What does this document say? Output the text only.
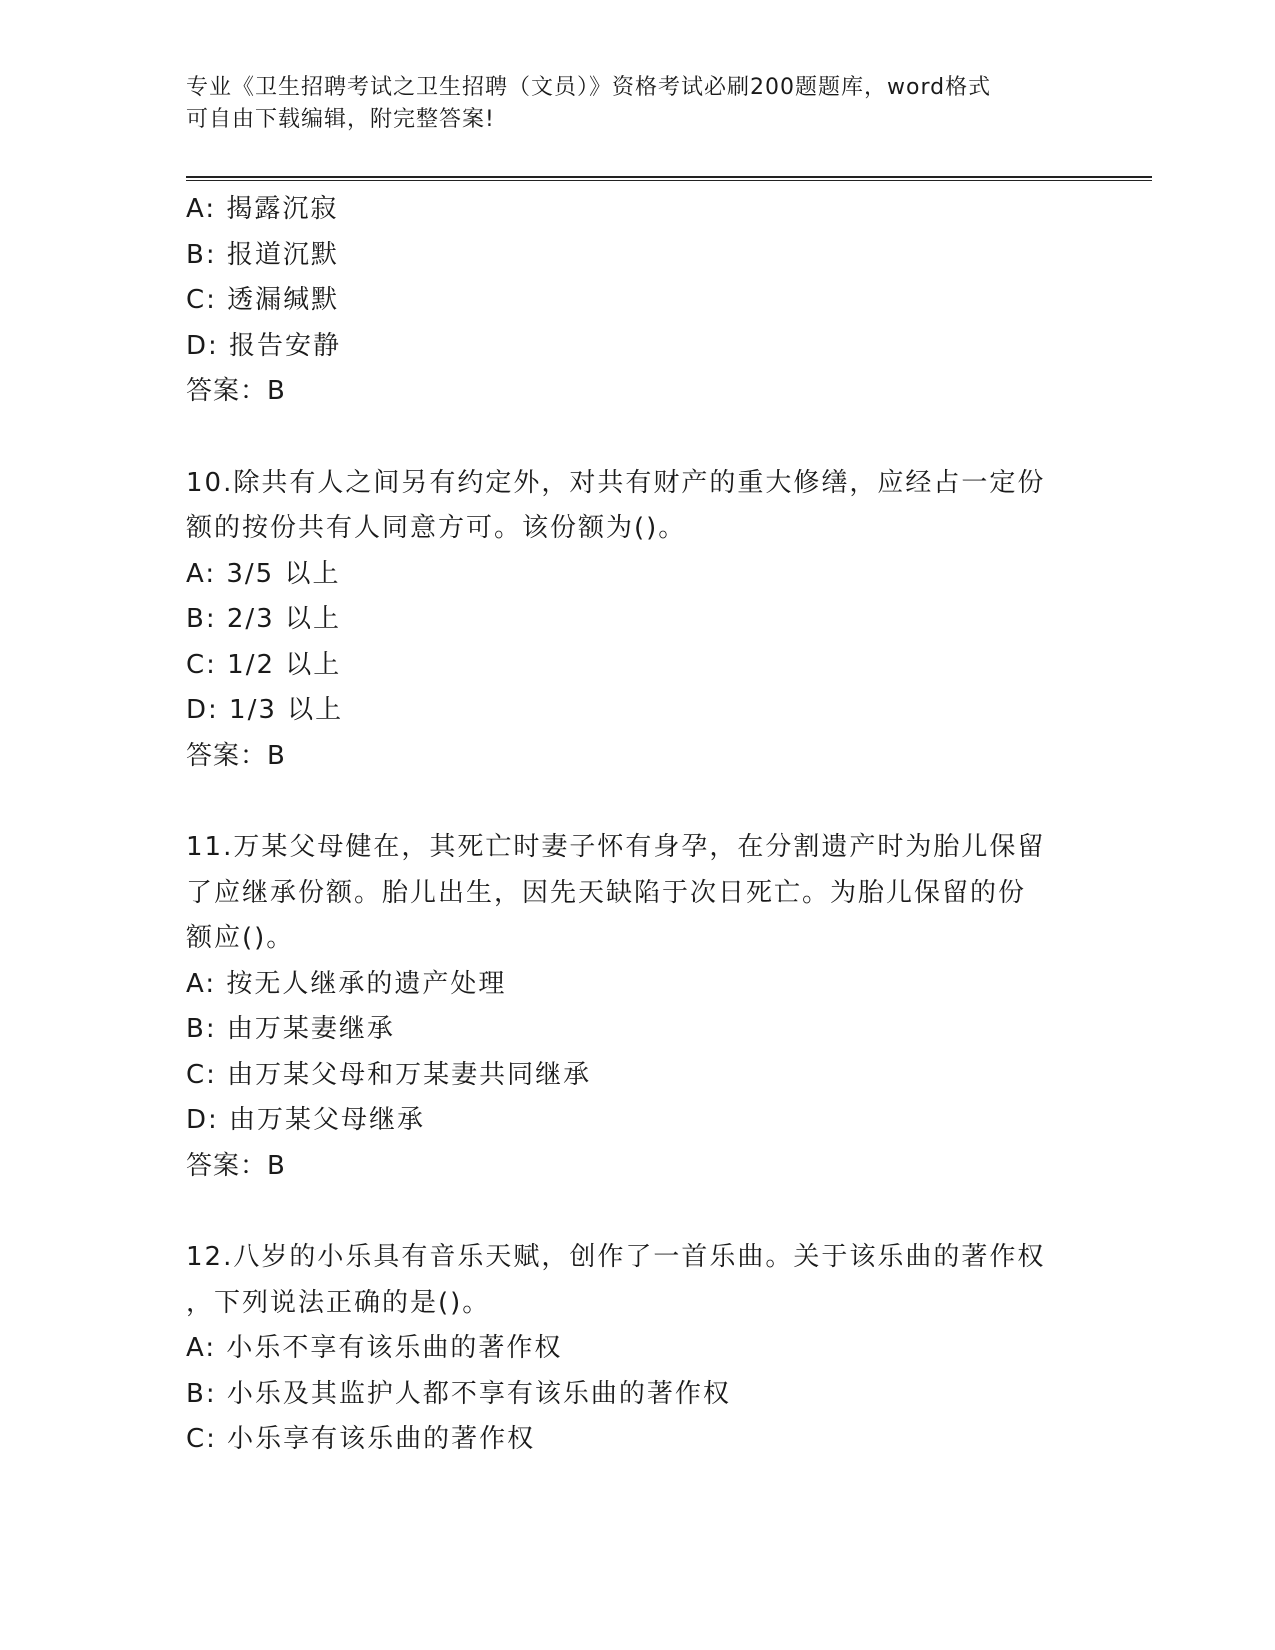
专业《卫生招聘考试之卫生招聘（文员）》资格考试必刷200题题库，word格式
可自由下载编辑，附完整答案!
A: 揭露沉寂
B: 报道沉默
C: 透漏缄默
D: 报告安静
答案：B
10.除共有人之间另有约定外，对共有财产的重大修缮，应经占一定份
额的按份共有人同意方可。该份额为()。
A: 3/5 以上
B: 2/3 以上
C: 1/2 以上
D: 1/3 以上
答案：B
11.万某父母健在，其死亡时妻子怀有身孕，在分割遗产时为胎儿保留
了应继承份额。胎儿出生，因先天缺陷于次日死亡。为胎儿保留的份
额应()。
A: 按无人继承的遗产处理
B: 由万某妻继承
C: 由万某父母和万某妻共同继承
D: 由万某父母继承
答案：B
12.八岁的小乐具有音乐天赋，创作了一首乐曲。关于该乐曲的著作权
，下列说法正确的是()。
A: 小乐不享有该乐曲的著作权
B: 小乐及其监护人都不享有该乐曲的著作权
C: 小乐享有该乐曲的著作权
